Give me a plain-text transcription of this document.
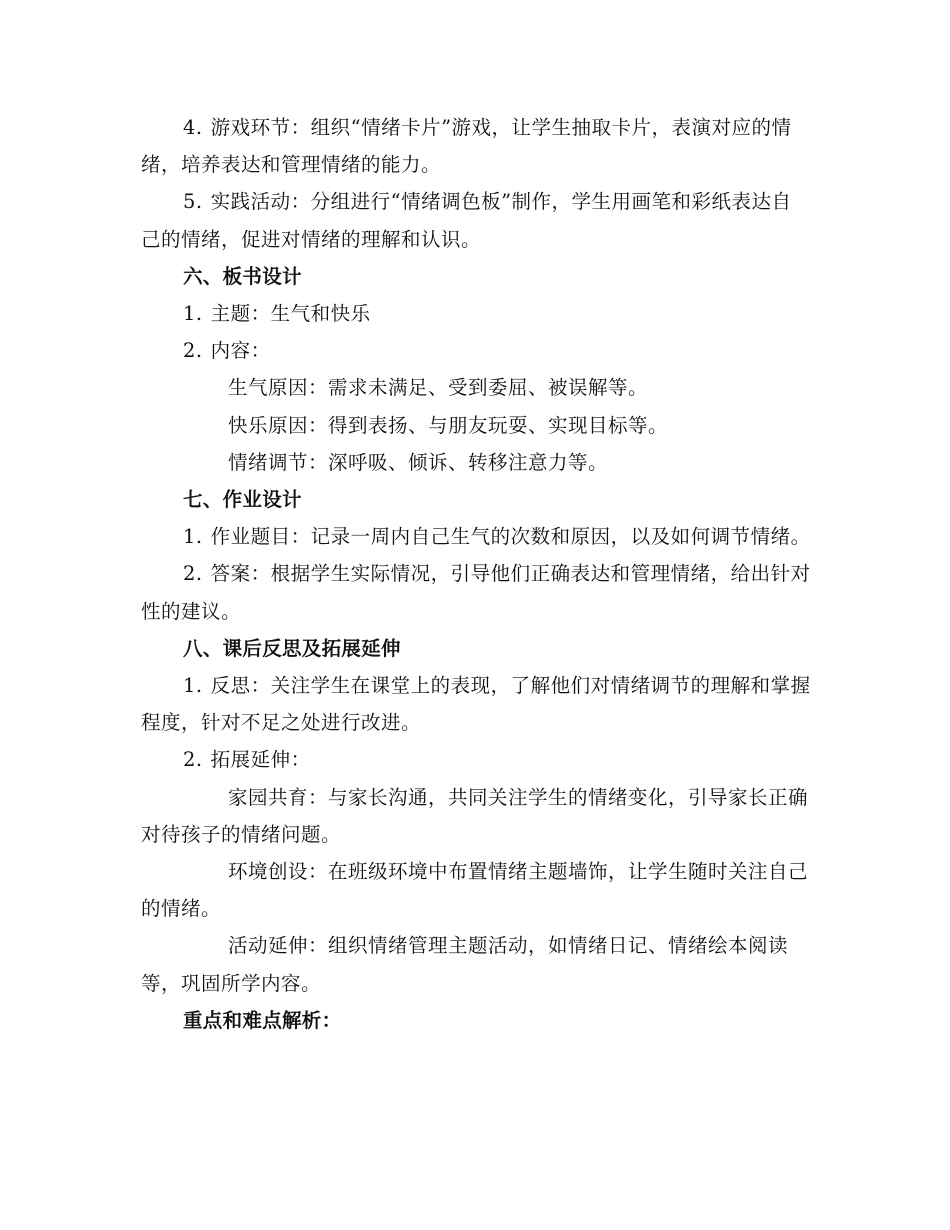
4. 游戏环节：组织“情绪卡片”游戏，让学生抽取卡片，表演对应的情绪，培养表达和管理情绪的能力。

5. 实践活动：分组进行“情绪调色板”制作，学生用画笔和彩纸表达自己的情绪，促进对情绪的理解和认识。

六、板书设计

1. 主题：生气和快乐

2. 内容：

生气原因：需求未满足、受到委屈、被误解等。

快乐原因：得到表扬、与朋友玩耍、实现目标等。

情绪调节：深呼吸、倾诉、转移注意力等。

七、作业设计

1. 作业题目：记录一周内自己生气的次数和原因，以及如何调节情绪。

2. 答案：根据学生实际情况，引导他们正确表达和管理情绪，给出针对性的建议。

八、课后反思及拓展延伸

1. 反思：关注学生在课堂上的表现，了解他们对情绪调节的理解和掌握程度，针对不足之处进行改进。

2. 拓展延伸：

家园共育：与家长沟通，共同关注学生的情绪变化，引导家长正确对待孩子的情绪问题。

环境创设：在班级环境中布置情绪主题墙饰，让学生随时关注自己的情绪。

活动延伸：组织情绪管理主题活动，如情绪日记、情绪绘本阅读等，巩固所学内容。

重点和难点解析：
